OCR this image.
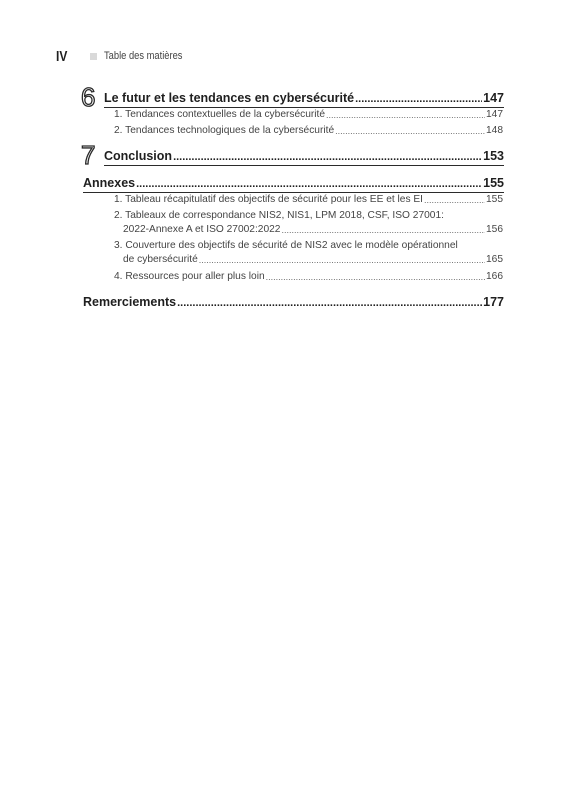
IV	Table des matières
6 Le futur et les tendances en cybersécurité .....	147
1. Tendances contextuelles de la cybersécurité .....	147
2. Tendances technologiques de la cybersécurité .....	148
7 Conclusion .....	153
Annexes .....	155
1. Tableau récapitulatif des objectifs de sécurité pour les EE et les EI .....	155
2. Tableaux de correspondance NIS2, NIS1, LPM 2018, CSF, ISO 27001:
2022-Annexe A et ISO 27002:2022 .....	156
3. Couverture des objectifs de sécurité de NIS2 avec le modèle opérationnel
de cybersécurité .....	165
4. Ressources pour aller plus loin .....	166
Remerciements .....	177
